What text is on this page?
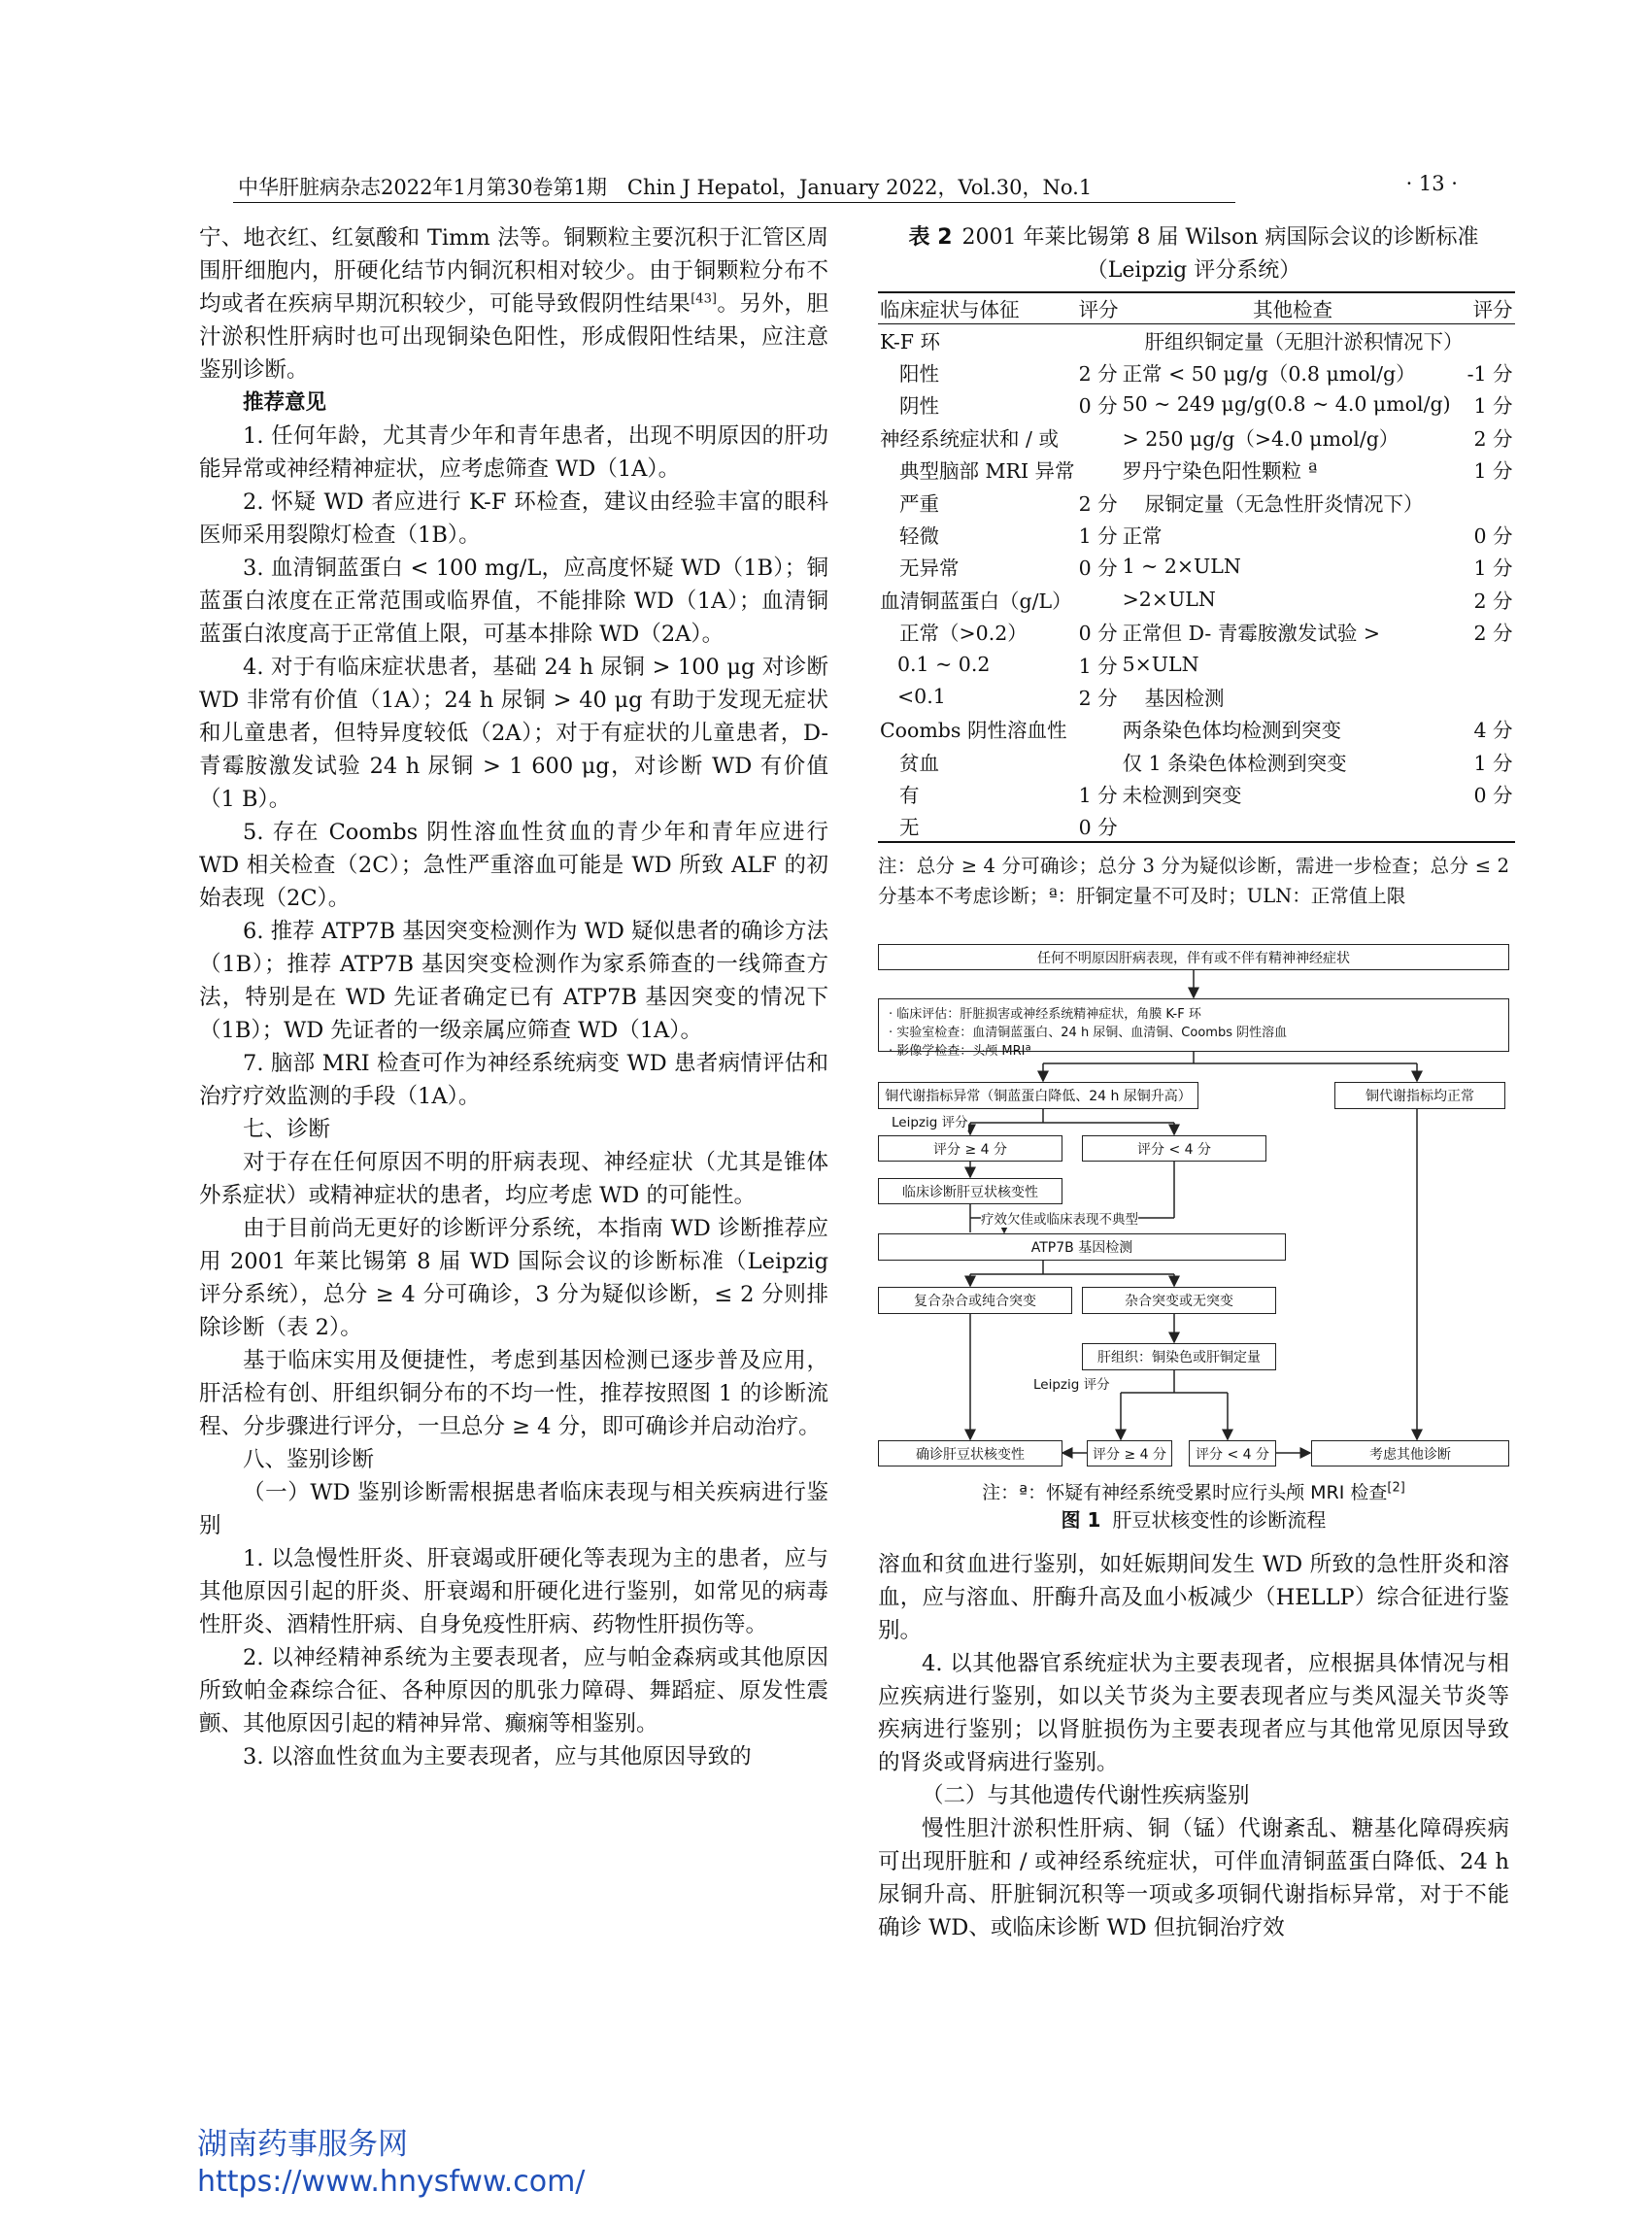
中华肝脏病杂志2022年1月第30卷第1期　Chin J Hepatol，January 2022，Vol.30，No.1	· 13 ·

宁、地衣红、红氨酸和 Timm 法等。铜颗粒主要沉积于汇管区周围肝细胞内，肝硬化结节内铜沉积相对较少。由于铜颗粒分布不均或者在疾病早期沉积较少，可能导致假阴性结果[43]。另外，胆汁淤积性肝病时也可出现铜染色阳性，形成假阳性结果，应注意鉴别诊断。

推荐意见

1. 任何年龄，尤其青少年和青年患者，出现不明原因的肝功能异常或神经精神症状，应考虑筛查 WD（1A）。

2. 怀疑 WD 者应进行 K-F 环检查，建议由经验丰富的眼科医师采用裂隙灯检查（1B）。

3. 血清铜蓝蛋白 < 100 mg/L，应高度怀疑 WD（1B）；铜蓝蛋白浓度在正常范围或临界值，不能排除 WD（1A）；血清铜蓝蛋白浓度高于正常值上限，可基本排除 WD（2A）。

4. 对于有临床症状患者，基础 24 h 尿铜 > 100 μg 对诊断 WD 非常有价值（1A）；24 h 尿铜 > 40 μg 有助于发现无症状和儿童患者，但特异度较低（2A）；对于有症状的儿童患者，D- 青霉胺激发试验 24 h 尿铜 > 1 600 μg，对诊断 WD 有价值（1 B）。

5. 存在 Coombs 阴性溶血性贫血的青少年和青年应进行 WD 相关检查（2C）；急性严重溶血可能是 WD 所致 ALF 的初始表现（2C）。

6. 推荐 ATP7B 基因突变检测作为 WD 疑似患者的确诊方法（1B）；推荐 ATP7B 基因突变检测作为家系筛查的一线筛查方法，特别是在 WD 先证者确定已有 ATP7B 基因突变的情况下（1B）；WD 先证者的一级亲属应筛查 WD（1A）。

7. 脑部 MRI 检查可作为神经系统病变 WD 患者病情评估和治疗疗效监测的手段（1A）。

七、诊断

对于存在任何原因不明的肝病表现、神经症状（尤其是锥体外系症状）或精神症状的患者，均应考虑 WD 的可能性。

由于目前尚无更好的诊断评分系统，本指南 WD 诊断推荐应用 2001 年莱比锡第 8 届 WD 国际会议的诊断标准（Leipzig 评分系统），总分 ≥ 4 分可确诊，3 分为疑似诊断，≤ 2 分则排除诊断（表 2）。

基于临床实用及便捷性，考虑到基因检测已逐步普及应用，肝活检有创、肝组织铜分布的不均一性，推荐按照图 1 的诊断流程、分步骤进行评分，一旦总分 ≥ 4 分，即可确诊并启动治疗。

八、鉴别诊断

（一）WD 鉴别诊断需根据患者临床表现与相关疾病进行鉴别

1. 以急慢性肝炎、肝衰竭或肝硬化等表现为主的患者，应与其他原因引起的肝炎、肝衰竭和肝硬化进行鉴别，如常见的病毒性肝炎、酒精性肝病、自身免疫性肝病、药物性肝损伤等。

2. 以神经精神系统为主要表现者，应与帕金森病或其他原因所致帕金森综合征、各种原因的肌张力障碍、舞蹈症、原发性震颤、其他原因引起的精神异常、癫痫等相鉴别。

3. 以溶血性贫血为主要表现者，应与其他原因导致的

表 2 2001 年莱比锡第 8 届 Wilson 病国际会议的诊断标准
（Leipzig 评分系统）
临床症状与体征	评分	其他检查	评分
K-F 环		肝组织铜定量（无胆汁淤积情况下）	
阳性	2 分	正常 < 50 μg/g（0.8 μmol/g）	-1 分
阴性	0 分	50 ~ 249 μg/g(0.8 ~ 4.0 μmol/g)	1 分
神经系统症状和 / 或		> 250 μg/g（>4.0 μmol/g）	2 分
典型脑部 MRI 异常		罗丹宁染色阳性颗粒 ª	1 分
严重	2 分	尿铜定量（无急性肝炎情况下）	
轻微	1 分	正常	0 分
无异常	0 分	1 ~ 2×ULN	1 分
血清铜蓝蛋白（g/L）		>2×ULN	2 分
正常（>0.2）	0 分	正常但 D- 青霉胺激发试验 >	2 分
0.1 ~ 0.2	1 分	5×ULN	
<0.1	2 分	基因检测	
Coombs 阴性溶血性		两条染色体均检测到突变	4 分
贫血		仅 1 条染色体检测到突变	1 分
有	1 分	未检测到突变	0 分
无	0 分		

注：总分 ≥ 4 分可确诊；总分 3 分为疑似诊断，需进一步检查；总分 ≤ 2 分基本不考虑诊断；ª：肝铜定量不可及时；ULN：正常值上限

任何不明原因肝病表现，伴有或不伴有精神神经症状
· 临床评估：肝脏损害或神经系统精神症状，角膜 K-F 环
· 实验室检查：血清铜蓝蛋白、24 h 尿铜、血清铜、Coombs 阴性溶血
· 影像学检查：头颅 MRIª
铜代谢指标异常（铜蓝蛋白降低、24 h 尿铜升高）	铜代谢指标均正常
Leipzig 评分
评分 ≥ 4 分	评分 < 4 分
临床诊断肝豆状核变性
疗效欠佳或临床表现不典型
ATP7B 基因检测
复合杂合或纯合突变	杂合突变或无突变
肝组织：铜染色或肝铜定量
Leipzig 评分
确诊肝豆状核变性	评分 ≥ 4 分	评分 < 4 分	考虑其他诊断
注：ª：怀疑有神经系统受累时应行头颅 MRI 检查[2]
图 1 肝豆状核变性的诊断流程

溶血和贫血进行鉴别，如妊娠期间发生 WD 所致的急性肝炎和溶血，应与溶血、肝酶升高及血小板减少（HELLP）综合征进行鉴别。

4. 以其他器官系统症状为主要表现者，应根据具体情况与相应疾病进行鉴别，如以关节炎为主要表现者应与类风湿关节炎等疾病进行鉴别；以肾脏损伤为主要表现者应与其他常见原因导致的肾炎或肾病进行鉴别。

（二）与其他遗传代谢性疾病鉴别

慢性胆汁淤积性肝病、铜（锰）代谢紊乱、糖基化障碍疾病可出现肝脏和 / 或神经系统症状，可伴血清铜蓝蛋白降低、24 h 尿铜升高、肝脏铜沉积等一项或多项铜代谢指标异常，对于不能确诊 WD、或临床诊断 WD 但抗铜治疗效

湖南药事服务网
https://www.hnysfww.com/
